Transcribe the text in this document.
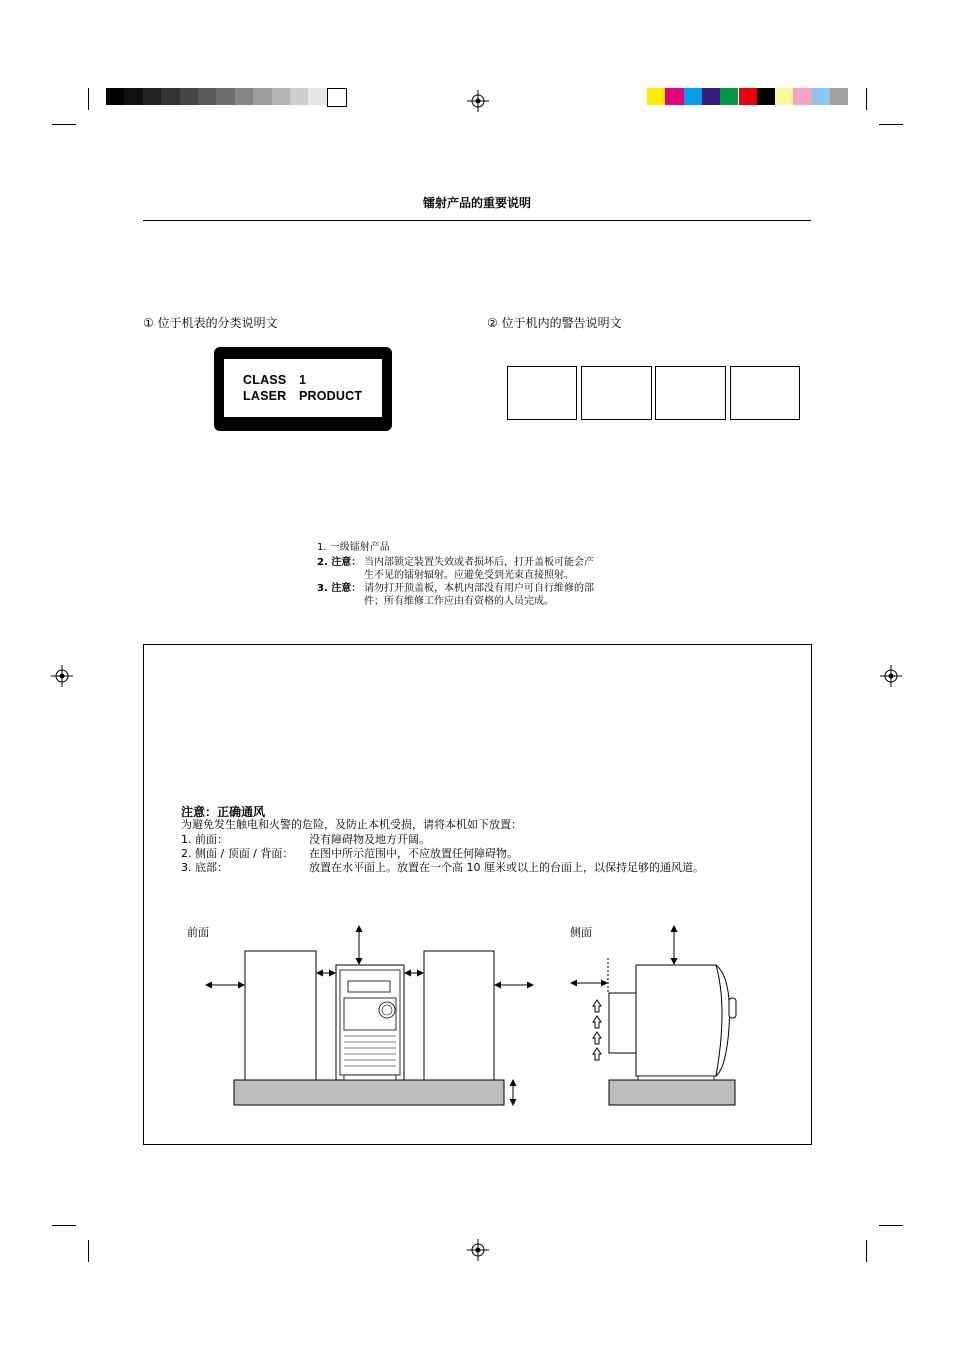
镭射产品的重要说明
① 位于机表的分类说明文
CLASS 1
LASER PRODUCT
② 位于机内的警告说明文
1. 一级镭射产品
2. 注意： 当内部锁定装置失效或者损坏后，打开盖板可能会产
生不见的镭射辐射。应避免受到光束直接照射。
3. 注意： 请勿打开顶盖板，本机内部没有用户可自行维修的部
件；所有维修工作应由有资格的人员完成。
注意：正确通风
为避免发生触电和火警的危险，及防止本机受损，请将本机如下放置：
1. 前面：	没有障碍物及地方开阔。
2. 侧面 / 顶面 / 背面： 在图中所示范围中，不应放置任何障碍物。
3. 底部：	放置在水平面上。放置在一个高 10 厘米或以上的台面上，以保持足够的通风道。
前面	侧面
